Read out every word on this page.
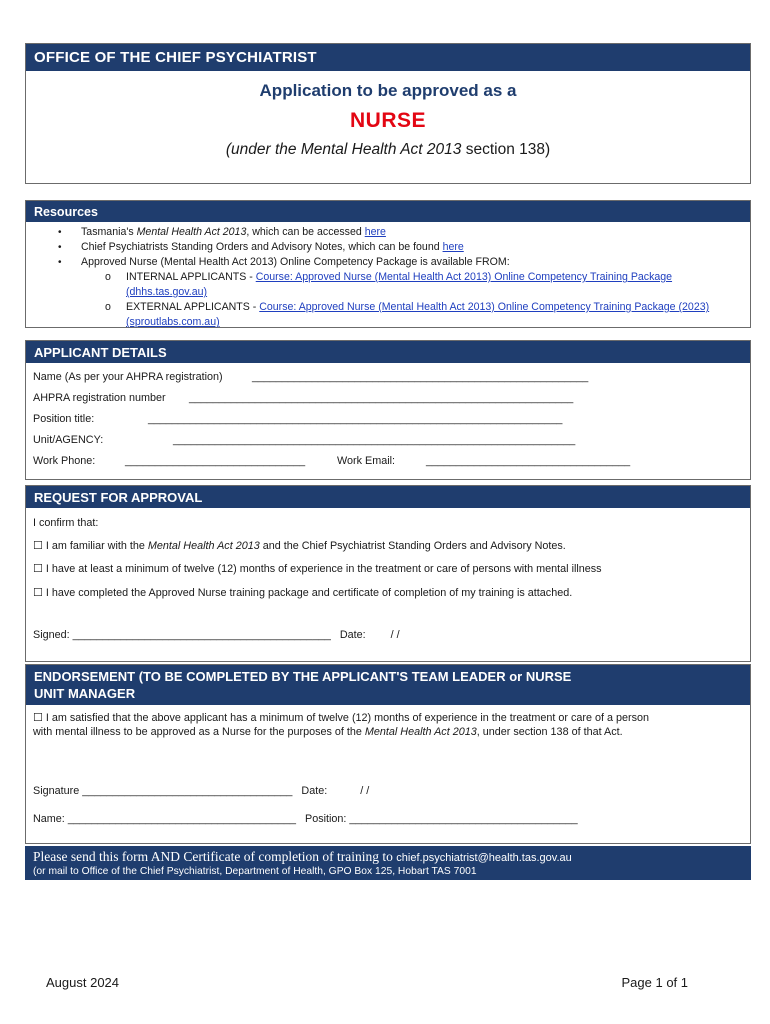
OFFICE OF THE CHIEF PSYCHIATRIST
Application to be approved as a
NURSE
(under the Mental Health Act 2013 section 138)
Resources
• Tasmania's Mental Health Act 2013, which can be accessed here
• Chief Psychiatrists Standing Orders and Advisory Notes, which can be found here
• Approved Nurse (Mental Health Act 2013) Online Competency Package is available FROM:
o INTERNAL APPLICANTS - Course: Approved Nurse (Mental Health Act 2013) Online Competency Training Package (dhhs.tas.gov.au)
o EXTERNAL APPLICANTS - Course: Approved Nurse (Mental Health Act 2013) Online Competency Training Package (2023) (sproutlabs.com.au)
APPLICANT DETAILS
Name (As per your AHPRA registration)	________________________________________________________
AHPRA registration number ________________________________________________________________
Position title:	_____________________________________________________________________
Unit/AGENCY:	___________________________________________________________________
Work Phone:	______________________________	Work Email:	__________________________________
REQUEST FOR APPROVAL
I confirm that:
☐ I am familiar with the Mental Health Act 2013 and the Chief Psychiatrist Standing Orders and Advisory Notes.
☐ I have at least a minimum of twelve (12) months of experience in the treatment or care of persons with mental illness
☐ I have completed the Approved Nurse training package and certificate of completion of my training is attached.
Signed: ___________________________________________ Date: / /
ENDORSEMENT (TO BE COMPLETED BY THE APPLICANT'S TEAM LEADER or NURSE
UNIT MANAGER
☐ I am satisfied that the above applicant has a minimum of twelve (12) months of experience in the treatment or care of a person
with mental illness to be approved as a Nurse for the purposes of the Mental Health Act 2013, under section 138 of that Act.
Signature ___________________________________ Date:	/ /
Name: ______________________________________ Position: ______________________________________
Please send this form AND Certificate of completion of training to chief.psychiatrist@health.tas.gov.au
(or mail to Office of the Chief Psychiatrist, Department of Health, GPO Box 125, Hobart TAS 7001
August 2024	Page 1 of 1
